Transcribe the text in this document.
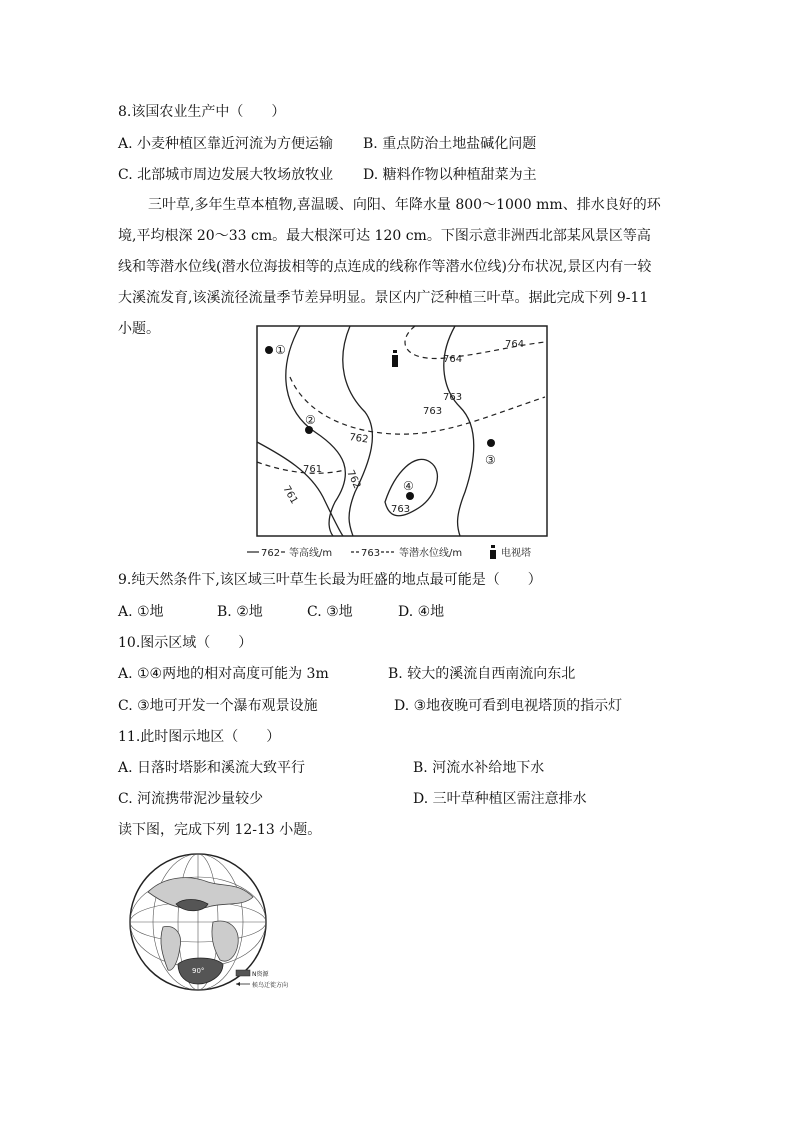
8.该国农业生产中（　　）
A. 小麦种植区靠近河流为方便运输 B. 重点防治土地盐碱化问题
C. 北部城市周边发展大牧场放牧业 D. 糖料作物以种植甜菜为主
三叶草,多年生草本植物,喜温暖、向阳、年降水量 800～1000 mm、排水良好的环境,平均根深 20～33 cm。最大根深可达 120 cm。下图示意非洲西北部某风景区等高线和等潜水位线(潜水位海拔相等的点连成的线称作等潜水位线)分布状况,景区内有一较大溪流发育,该溪流径流量季节差异明显。景区内广泛种植三叶草。据此完成下列 9-11 小题。
762
761 762
761
763
764
764
763
763
①
②
③
④
762 等高线/m	763 等潜水位线/m	电视塔
9.纯天然条件下,该区域三叶草生长最为旺盛的地点最可能是（　　）
A. ①地	B. ②地	C. ③地	D. ④地
10.图示区域（　　）
A. ①④两地的相对高度可能为 3m	B. 较大的溪流自西南流向东北
C. ③地可开发一个瀑布观景设施	D. ③地夜晚可看到电视塔顶的指示灯
11.此时图示地区（　　）
A. 日落时塔影和溪流大致平行	B. 河流水补给地下水
C. 河流携带泥沙量较少	D. 三叶草种植区需注意排水
读下图，完成下列 12-13 小题。
90°	N资源
候鸟迁徙方向
